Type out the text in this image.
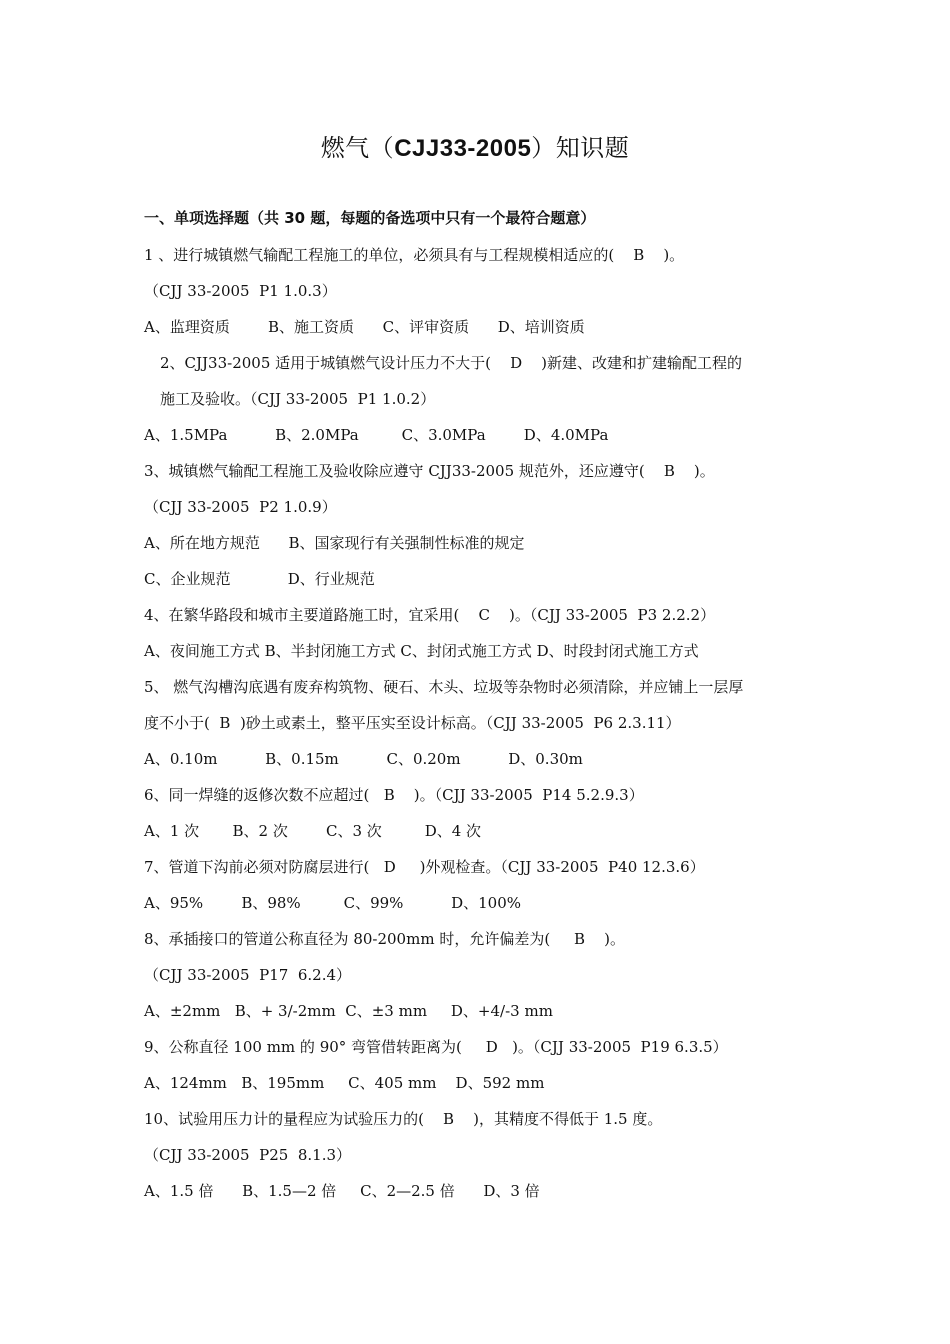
燃气（CJJ33-2005）知识题
一、单项选择题（共 30 题，每题的备选项中只有一个最符合题意）
1 、进行城镇燃气输配工程施工的单位，必须具有与工程规模相适应的(    B    )。
（CJJ 33-2005  P1 1.0.3）
A、监理资质        B、施工资质      C、评审资质      D、培训资质
2、CJJ33-2005 适用于城镇燃气设计压力不大于(    D    )新建、改建和扩建输配工程的
施工及验收。（CJJ 33-2005  P1 1.0.2）
A、1.5MPa          B、2.0MPa         C、3.0MPa        D、4.0MPa
3、城镇燃气输配工程施工及验收除应遵守 CJJ33-2005 规范外，还应遵守(    B    )。
（CJJ 33-2005  P2 1.0.9）
A、所在地方规范      B、国家现行有关强制性标准的规定
C、企业规范            D、行业规范
4、在繁华路段和城市主要道路施工时，宜采用(    C    )。（CJJ 33-2005  P3 2.2.2）
A、夜间施工方式 B、半封闭施工方式 C、封闭式施工方式 D、时段封闭式施工方式
5、 燃气沟槽沟底遇有废弃构筑物、硬石、木头、垃圾等杂物时必须清除，并应铺上一层厚
度不小于(  B  )砂土或素土，整平压实至设计标高。（CJJ 33-2005  P6 2.3.11）
A、0.10m          B、0.15m          C、0.20m          D、0.30m
6、同一焊缝的返修次数不应超过(   B    )。（CJJ 33-2005  P14 5.2.9.3）
A、1 次       B、2 次        C、3 次         D、4 次
7、管道下沟前必须对防腐层进行(   D     )外观检查。（CJJ 33-2005  P40 12.3.6）
A、95%        B、98%         C、99%          D、100%
8、承插接口的管道公称直径为 80-200mm 时，允许偏差为(     B    )。
（CJJ 33-2005  P17  6.2.4）
A、±2mm   B、+ 3/-2mm  C、±3 mm     D、+4/-3 mm
9、公称直径 100 mm 的 90° 弯管借转距离为(     D   )。（CJJ 33-2005  P19 6.3.5）
A、124mm   B、195mm     C、405 mm    D、592 mm
10、试验用压力计的量程应为试验压力的(    B    )，其精度不得低于 1.5 度。
（CJJ 33-2005  P25  8.1.3）
A、1.5 倍      B、1.5—2 倍     C、2—2.5 倍      D、3 倍
